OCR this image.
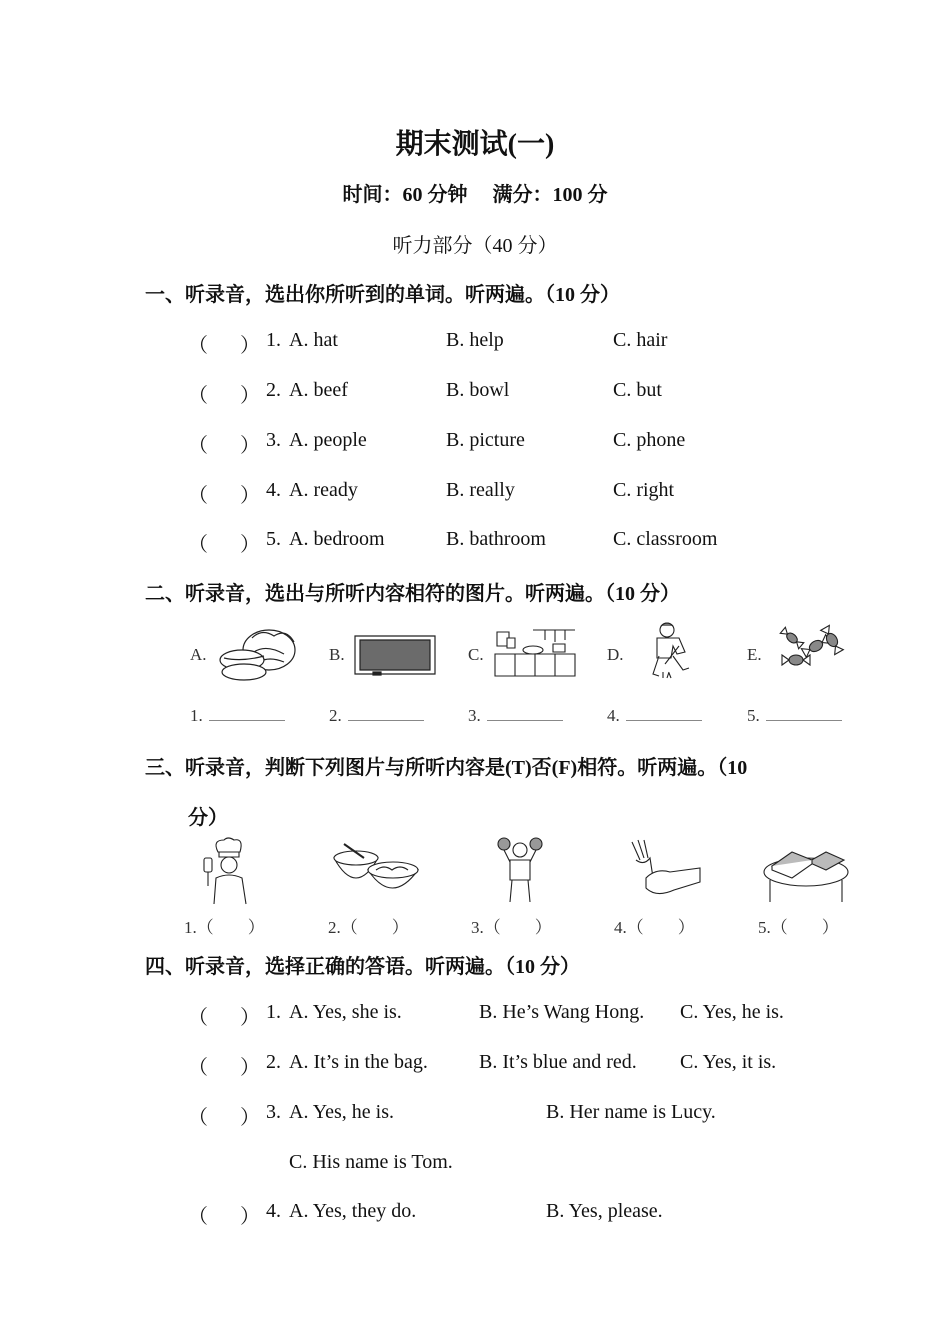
期末测试(一)
时间：60 分钟　 满分：100 分
听力部分（40 分）
一、听录音，选出你所听到的单词。听两遍。（10 分）
（ ） 1. A. hat	B. help	C. hair
（ ） 2. A. beef	B. bowl	C. but
（ ） 3. A. people	B. picture	C. phone
（ ） 4. A. ready	B. really	C. right
（ ） 5. A. bedroom	B. bathroom	C. classroom
二、听录音，选出与所听内容相符的图片。听两遍。（10 分）
A.	B.	C.	D.	E.
1.	2.	3.	4.	5.
三、听录音，判断下列图片与所听内容是(T)否(F)相符。听两遍。（10
分）
1.（　　）	2.（　　）	3.（　　）	4.（　　）	5.（　　）
四、听录音，选择正确的答语。听两遍。（10 分）
（ ） 1. A. Yes, she is.	B. He’s Wang Hong. C. Yes, he is.
（ ） 2. A. It’s in the bag.	B. It’s blue and red. C. Yes, it is.
（ ） 3. A. Yes, he is.	B. Her name is Lucy.
C. His name is Tom.
（ ） 4. A. Yes, they do.	B. Yes, please.
